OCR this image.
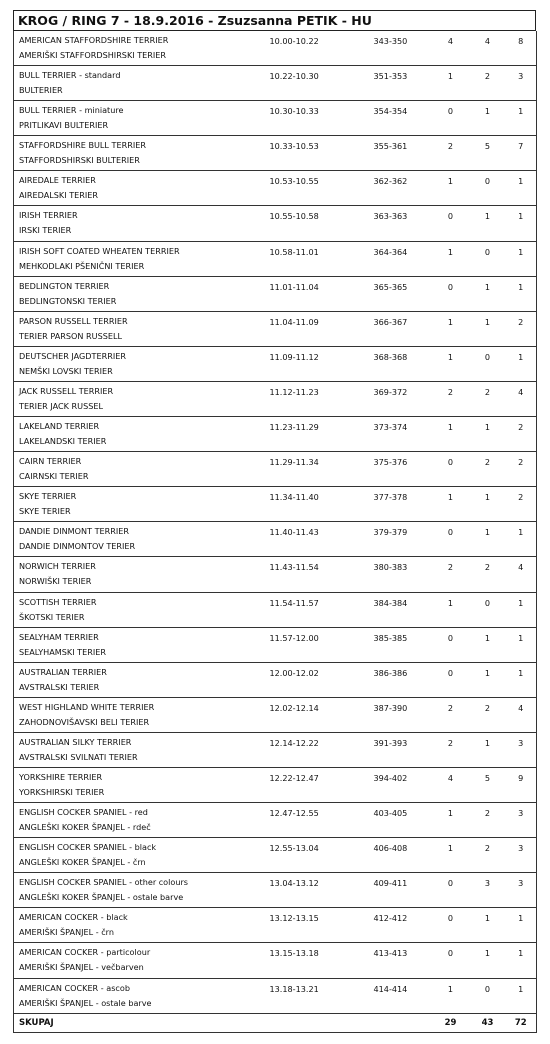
KROG / RING 7 - 18.9.2016 - Zsuzsanna PETIK - HU
AMERICAN STAFFORDSHIRE TERRIER
AMERIŠKI STAFFORDSHIRSKI TERIER	10.00-10.22	343-350	4	4	8

BULL TERRIER - standard
BULTERIER	10.22-10.30	351-353	1	2	3

BULL TERRIER - miniature
PRITLIKAVI BULTERIER	10.30-10.33	354-354	0	1	1

STAFFORDSHIRE BULL TERRIER
STAFFORDSHIRSKI BULTERIER	10.33-10.53	355-361	2	5	7

AIREDALE TERRIER
AIREDALSKI TERIER	10.53-10.55	362-362	1	0	1

IRISH TERRIER
IRSKI TERIER	10.55-10.58	363-363	0	1	1

IRISH SOFT COATED WHEATEN TERRIER
MEHKODLAKI PŠENIČNI TERIER	10.58-11.01	364-364	1	0	1

BEDLINGTON TERRIER
BEDLINGTONSKI TERIER	11.01-11.04	365-365	0	1	1

PARSON RUSSELL TERRIER
TERIER PARSON RUSSELL	11.04-11.09	366-367	1	1	2

DEUTSCHER JAGDTERRIER
NEMŠKI LOVSKI TERIER	11.09-11.12	368-368	1	0	1

JACK RUSSELL TERRIER
TERIER JACK RUSSEL	11.12-11.23	369-372	2	2	4

LAKELAND TERRIER
LAKELANDSKI TERIER	11.23-11.29	373-374	1	1	2

CAIRN TERRIER
CAIRNSKI TERIER	11.29-11.34	375-376	0	2	2

SKYE TERRIER
SKYE TERIER	11.34-11.40	377-378	1	1	2

DANDIE DINMONT TERRIER
DANDIE DINMONTOV TERIER	11.40-11.43	379-379	0	1	1

NORWICH TERRIER
NORWIŠKI TERIER	11.43-11.54	380-383	2	2	4

SCOTTISH TERRIER
ŠKOTSKI TERIER	11.54-11.57	384-384	1	0	1

SEALYHAM TERRIER
SEALYHAMSKI TERIER	11.57-12.00	385-385	0	1	1

AUSTRALIAN TERRIER
AVSTRALSKI TERIER	12.00-12.02	386-386	0	1	1

WEST HIGHLAND WHITE TERRIER
ZAHODNOVIŠAVSKI BELI TERIER	12.02-12.14	387-390	2	2	4

AUSTRALIAN SILKY TERRIER
AVSTRALSKI SVILNATI TERIER	12.14-12.22	391-393	2	1	3

YORKSHIRE TERRIER
YORKSHIRSKI TERIER	12.22-12.47	394-402	4	5	9

ENGLISH COCKER SPANIEL - red
ANGLEŠKI KOKER ŠPANJEL - rdeč	12.47-12.55	403-405	1	2	3

ENGLISH COCKER SPANIEL - black
ANGLEŠKI KOKER ŠPANJEL - črn	12.55-13.04	406-408	1	2	3

ENGLISH COCKER SPANIEL - other colours
ANGLEŠKI KOKER ŠPANJEL - ostale barve	13.04-13.12	409-411	0	3	3

AMERICAN COCKER - black
AMERIŠKI ŠPANJEL - črn	13.12-13.15	412-412	0	1	1

AMERICAN COCKER - particolour
AMERIŠKI ŠPANJEL - večbarven	13.15-13.18	413-413	0	1	1

AMERICAN COCKER - ascob
AMERIŠKI ŠPANJEL - ostale barve	13.18-13.21	414-414	1	0	1

SKUPAJ			29	43	72
